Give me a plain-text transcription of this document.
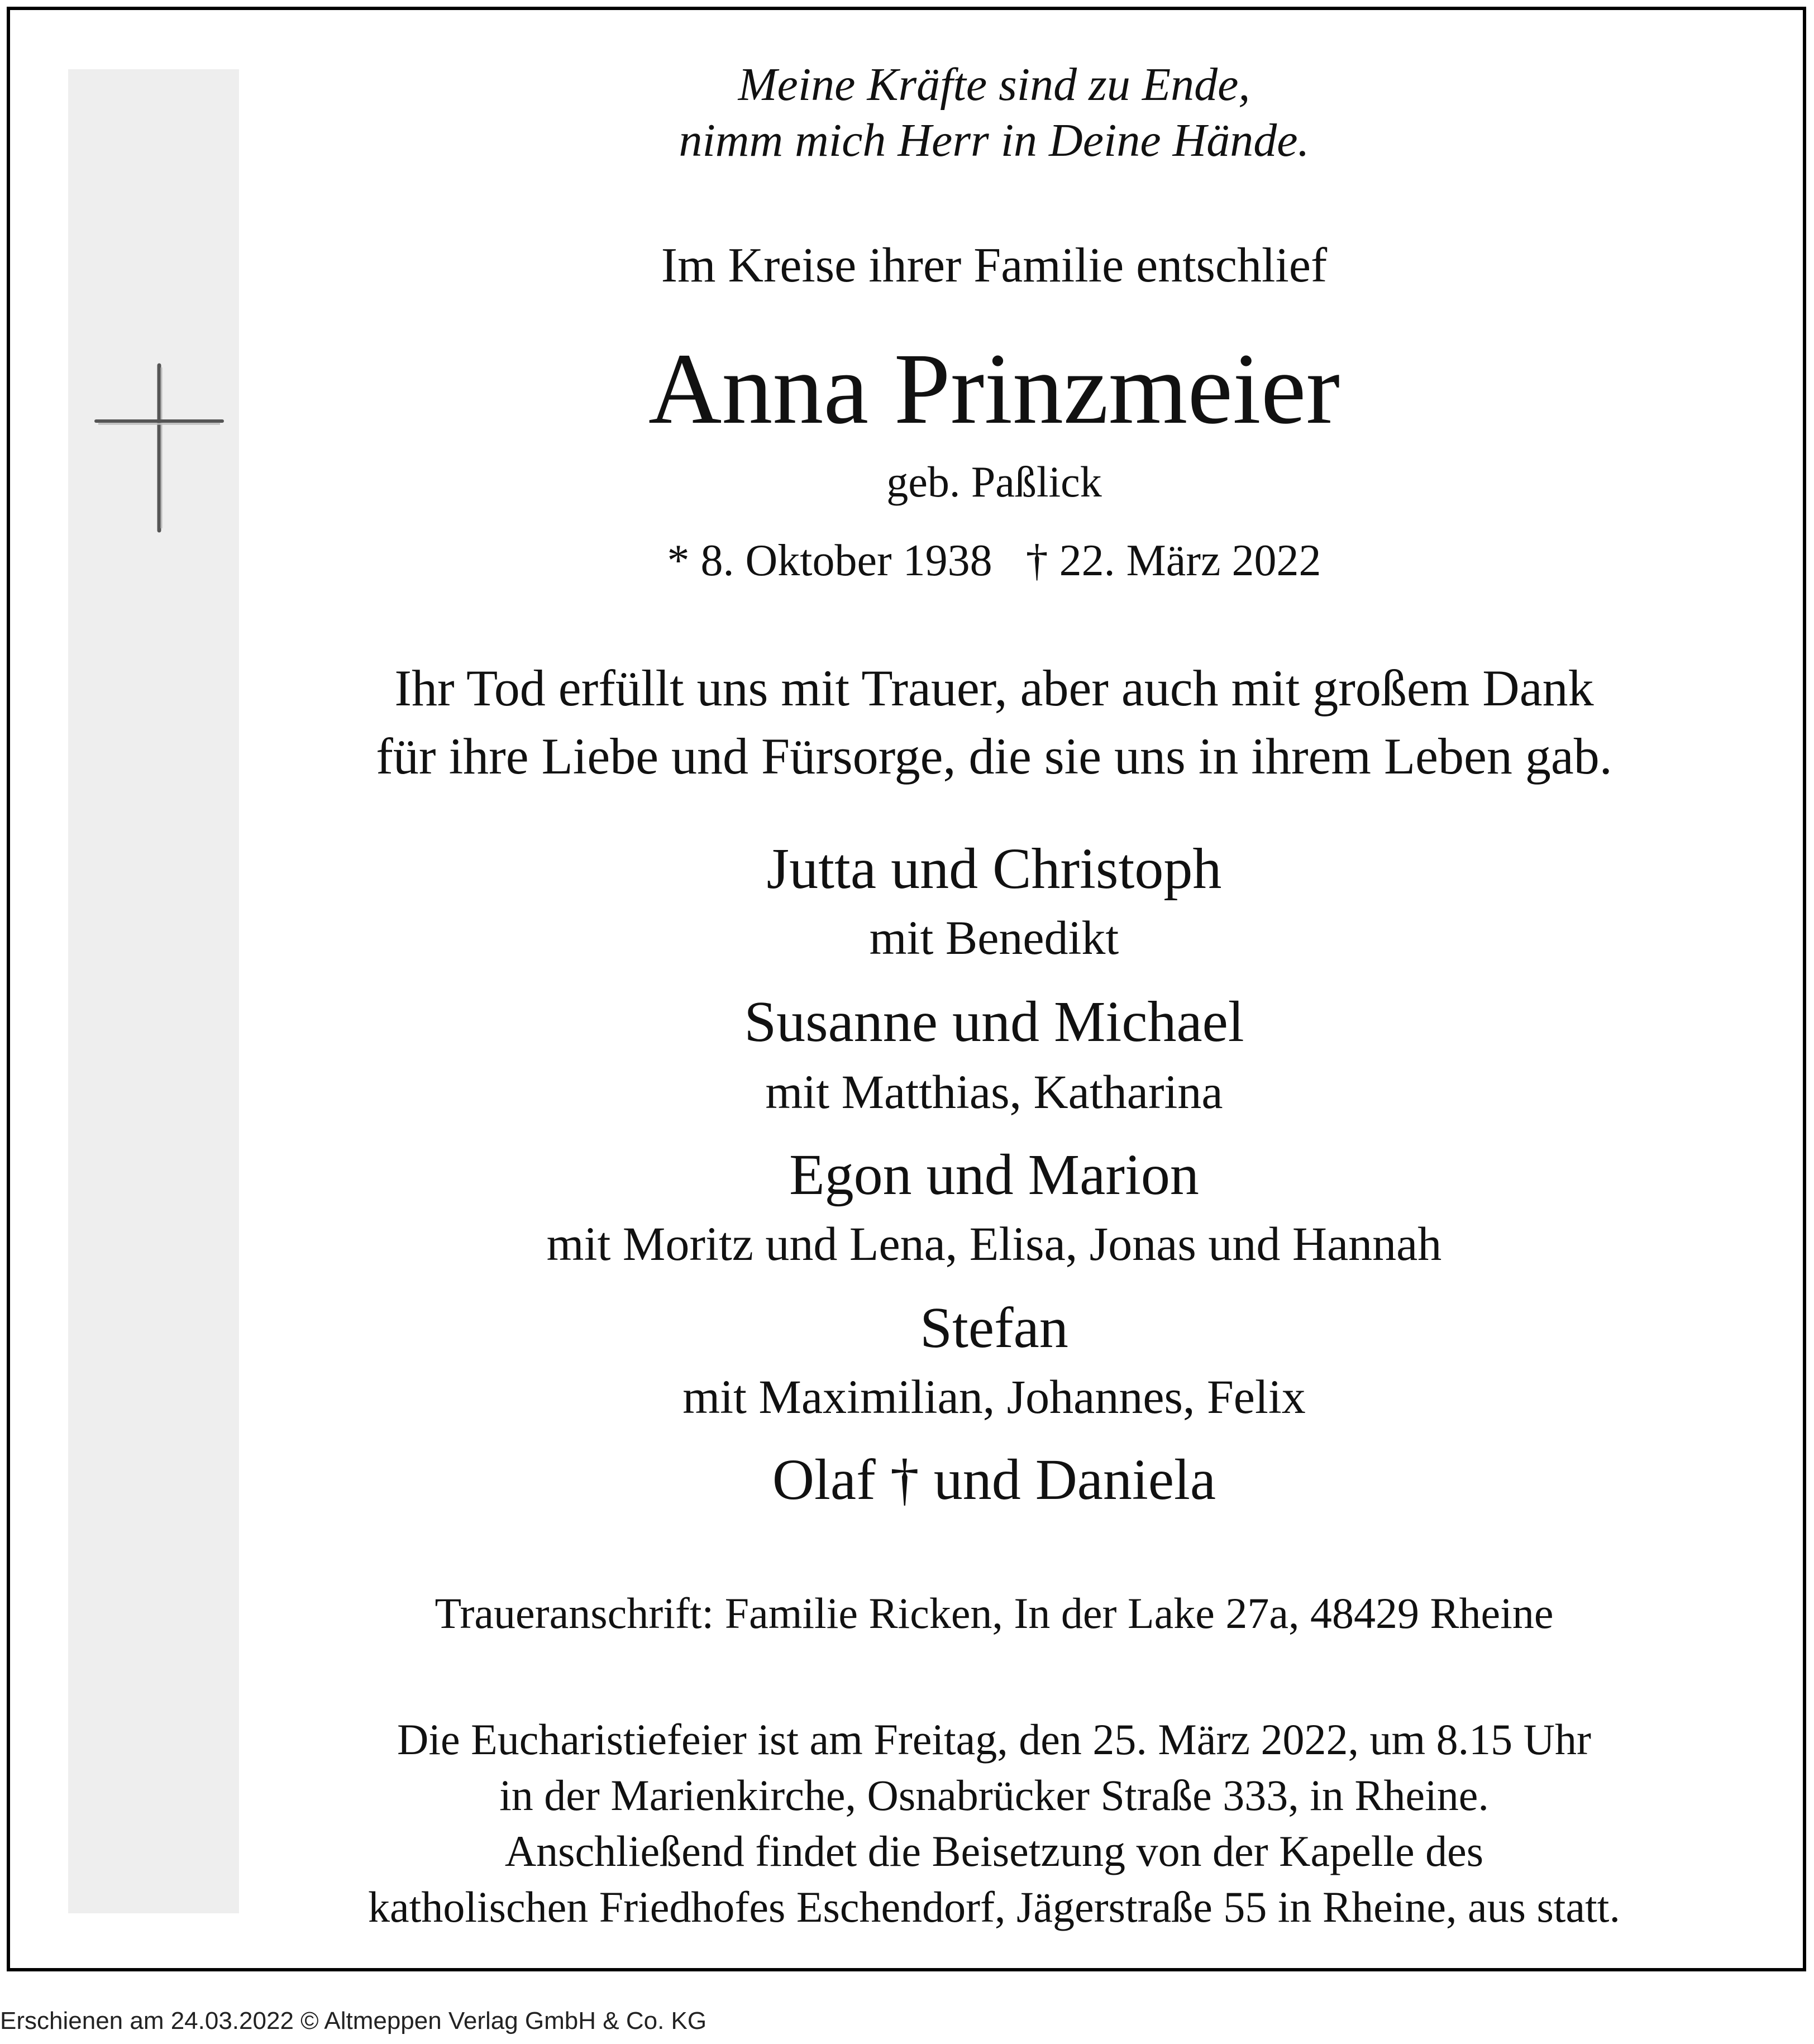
Meine Kräfte sind zu Ende,
nimm mich Herr in Deine Hände.
Im Kreise ihrer Familie entschlief
Anna Prinzmeier
geb. Paßlick
* 8. Oktober 1938 † 22. März 2022
Ihr Tod erfüllt uns mit Trauer, aber auch mit großem Dank
für ihre Liebe und Fürsorge, die sie uns in ihrem Leben gab.
Jutta und Christoph
mit Benedikt
Susanne und Michael
mit Matthias, Katharina
Egon und Marion
mit Moritz und Lena, Elisa, Jonas und Hannah
Stefan
mit Maximilian, Johannes, Felix
Olaf † und Daniela
Traueranschrift: Familie Ricken, In der Lake 27a, 48429 Rheine
Die Eucharistiefeier ist am Freitag, den 25. März 2022, um 8.15 Uhr
in der Marienkirche, Osnabrücker Straße 333, in Rheine.
Anschließend findet die Beisetzung von der Kapelle des
katholischen Friedhofes Eschendorf, Jägerstraße 55 in Rheine, aus statt.
Erschienen am 24.03.2022 © Altmeppen Verlag GmbH & Co. KG
